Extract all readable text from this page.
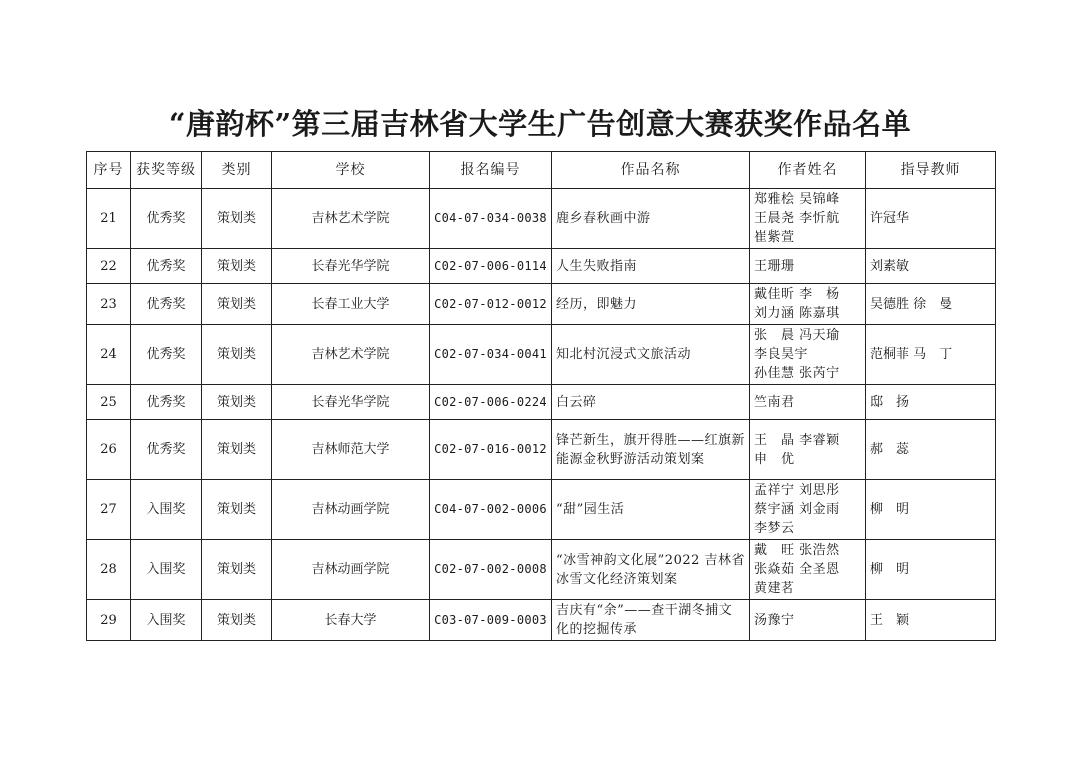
“唐韵杯”第三届吉林省大学生广告创意大赛获奖作品名单
序号	获奖等级	类别	学校	报名编号	作品名称	作者姓名	指导教师
21	优秀奖	策划类	吉林艺术学院	C04-07-034-0038	鹿乡春秋画中游	郑雅桧 吴锦峰
王晨尧 李忻航
崔紫萱	许冠华
22	优秀奖	策划类	长春光华学院	C02-07-006-0114	人生失败指南	王珊珊	刘素敏
23	优秀奖	策划类	长春工业大学	C02-07-012-0012	经历，即魅力	戴佳昕 李　杨
刘力涵 陈嘉琪	吴德胜 徐　曼
24	优秀奖	策划类	吉林艺术学院	C02-07-034-0041	知北村沉浸式文旅活动	张　晨 冯天瑜
李良昊宇
孙佳慧 张芮宁	范桐菲 马　丁
25	优秀奖	策划类	长春光华学院	C02-07-006-0224	白云碎	竺南君	邸　扬
26	优秀奖	策划类	吉林师范大学	C02-07-016-0012	锋芒新生，旗开得胜——红旗新能源金秋野游活动策划案	王　晶 李睿颖
申　优	郝　蕊
27	入围奖	策划类	吉林动画学院	C04-07-002-0006	“甜”园生活	孟祥宁 刘思彤
蔡宇涵 刘金雨
李梦云	柳　明
28	入围奖	策划类	吉林动画学院	C02-07-002-0008	“冰雪神韵文化展”2022 吉林省冰雪文化经济策划案	戴　旺 张浩然
张焱茹 全圣恩
黄建茗	柳　明
29	入围奖	策划类	长春大学	C03-07-009-0003	吉庆有“余”——查干湖冬捕文化的挖掘传承	汤豫宁	王　颖
